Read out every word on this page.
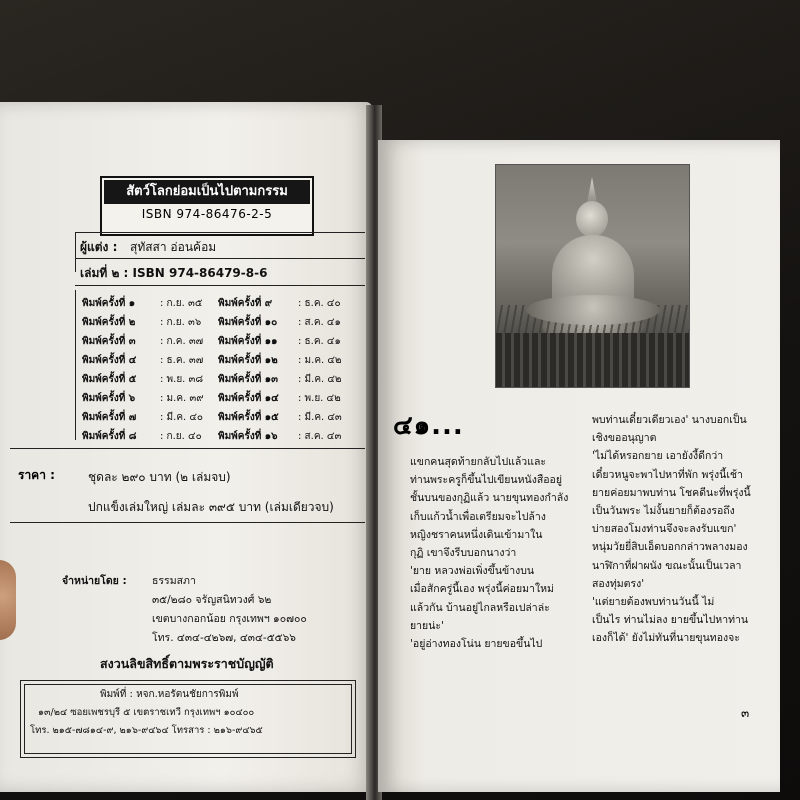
สัตว์โลกย่อมเป็นไปตามกรรม
ISBN 974-86476-2-5
ผู้แต่ง : สุทัสสา อ่อนค้อม
เล่มที่ ๒ : ISBN 974-86479-8-6
พิมพ์ครั้งที่ ๑	: ก.ย. ๓๕	พิมพ์ครั้งที่ ๙	: ธ.ค. ๔๐
พิมพ์ครั้งที่ ๒	: ก.ย. ๓๖	พิมพ์ครั้งที่ ๑๐	: ส.ค. ๔๑
พิมพ์ครั้งที่ ๓	: ก.ค. ๓๗	พิมพ์ครั้งที่ ๑๑	: ธ.ค. ๔๑
พิมพ์ครั้งที่ ๔	: ธ.ค. ๓๗	พิมพ์ครั้งที่ ๑๒	: ม.ค. ๔๒
พิมพ์ครั้งที่ ๕	: พ.ย. ๓๘	พิมพ์ครั้งที่ ๑๓	: มี.ค. ๔๒
พิมพ์ครั้งที่ ๖	: ม.ค. ๓๙	พิมพ์ครั้งที่ ๑๔	: พ.ย. ๔๒
พิมพ์ครั้งที่ ๗	: มี.ค. ๔๐	พิมพ์ครั้งที่ ๑๕	: มี.ค. ๔๓
พิมพ์ครั้งที่ ๘	: ก.ย. ๔๐	พิมพ์ครั้งที่ ๑๖	: ส.ค. ๔๓
ราคา :	ชุดละ ๒๙๐ บาท (๒ เล่มจบ)
ปกแข็งเล่มใหญ่ เล่มละ ๓๙๕ บาท (เล่มเดียวจบ)
จำหน่ายโดย : ธรรมสภา
๓๕/๒๘๐ จรัญสนิทวงศ์ ๖๒
เขตบางกอกน้อย กรุงเทพฯ ๑๐๗๐๐
โทร. ๔๓๔-๔๒๖๗, ๔๓๔-๕๕๖๖
สงวนลิขสิทธิ์ตามพระราชบัญญัติ
พิมพ์ที่ : หจก.หอรัตนชัยการพิมพ์
๑๓/๒๔ ซอยเพชรบุรี ๕ เขตราชเทวี กรุงเทพฯ ๑๐๔๐๐
โทร. ๒๑๕-๗๘๑๔-๙, ๒๑๖-๙๔๖๔ โทรสาร : ๒๑๖-๙๔๖๕
๔๑...
แขกคนสุดท้ายกลับไปแล้วและ
ท่านพระครูก็ขึ้นไปเขียนหนังสืออยู่
ชั้นบนของกุฏิแล้ว นายขุนทองกำลัง
เก็บแก้วน้ำเพื่อเตรียมจะไปล้าง
หญิงชราคนหนึ่งเดินเข้ามาใน
กุฏิ เขาจึงรีบบอกนางว่า
'ยาย หลวงพ่อเพิ่งขึ้นข้างบน
เมื่อสักครู่นี้เอง พรุ่งนี้ค่อยมาใหม่
แล้วกัน บ้านอยู่ไกลหรือเปล่าล่ะ
ยายน่ะ'
'อยู่อ่างทองโน่น ยายขอขึ้นไป
พบท่านเดี๋ยวเดียวเอง' นางบอกเป็น
เชิงขออนุญาต
'ไม่ได้หรอกยาย เอายังงี้ดีกว่า
เดี๋ยวหนูจะพาไปหาที่พัก พรุ่งนี้เช้า
ยายค่อยมาพบท่าน โชคดีนะที่พรุ่งนี้
เป็นวันพระ ไม่งั้นยายก็ต้องรอถึง
บ่ายสองโมงท่านจึงจะลงรับแขก'
หนุ่มวัยยี่สิบเอ็ดบอกกล่าวพลางมอง
นาฬิกาที่ฝาผนัง ขณะนั้นเป็นเวลา
สองทุ่มตรง'
'แต่ยายต้องพบท่านวันนี้ ไม่
เป็นไร ท่านไม่ลง ยายขึ้นไปหาท่าน
เองก็ได้' ยังไม่ทันที่นายขุนทองจะ
๓
